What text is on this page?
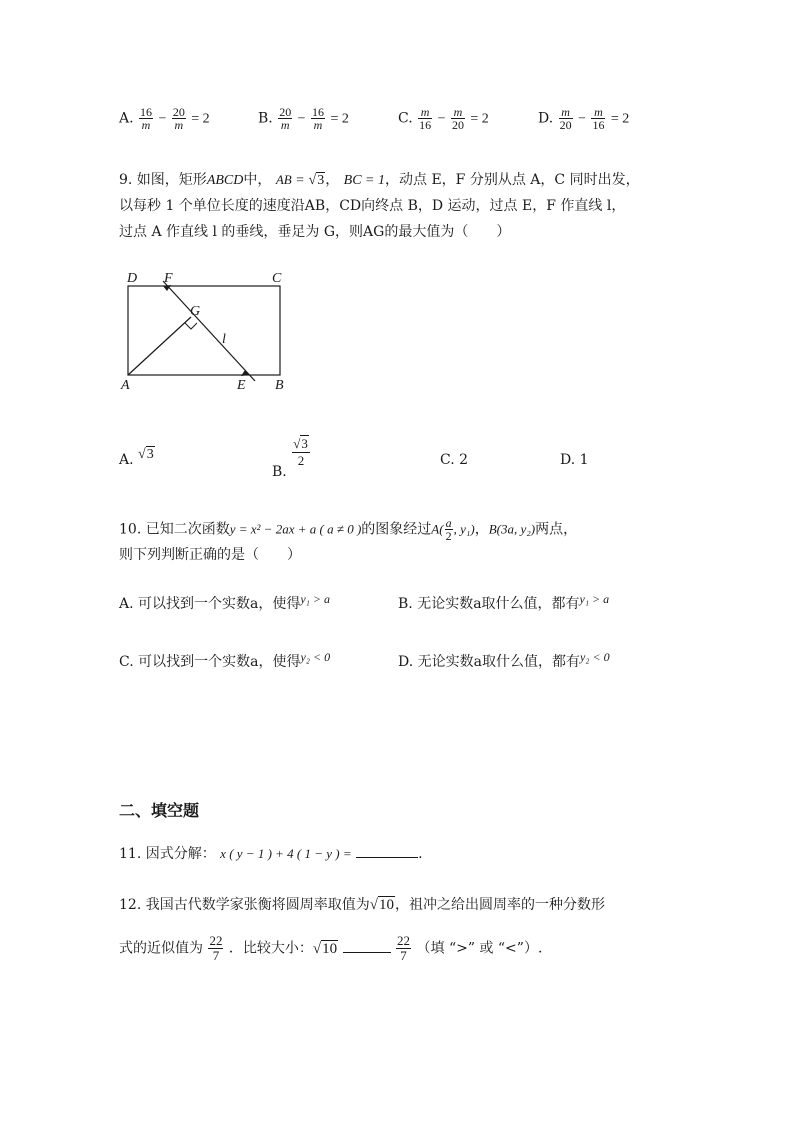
A. $\frac{16}{m} - \frac{20}{m} = 2$	B. $\frac{20}{m} - \frac{16}{m} = 2$	C. $\frac{m}{16} - \frac{m}{20} = 2$	D. $\frac{m}{20} - \frac{m}{16} = 2$
9. 如图，矩形ABCD中， AB = √3， BC = 1，动点 E，F 分别从点 A，C 同时出发，
以每秒 1 个单位长度的速度沿AB，CD向终点 B，D 运动，过点 E，F 作直线 l，
过点 A 作直线 l 的垂线，垂足为 G，则AG的最大值为（　　）
D F	C
G
l
A	E B
A. √3
B.
$\frac{√3}{2}$	C. 2	D. 1
10. 已知二次函数y = x² − 2ax + a ( a ≠ 0 )的图象经过$A( \frac{a}{2}$ , y₁)，B(3a, y₂)两点，
则下列判断正确的是（　　）
A. 可以找到一个实数a，使得y₁ > a	B. 无论实数a取什么值，都有y₁ > a
C. 可以找到一个实数a，使得y₂ < 0	D. 无论实数a取什么值，都有y₂ < 0
二、填空题
11. 因式分解： x ( y − 1 ) + 4 ( 1 − y ) =	.
12. 我国古代数学家张衡将圆周率取值为√10，祖冲之给出圆周率的一种分数形
式的近似值为 $\frac{22}{7}$ ．比较大小：√10	$\frac{22}{7}$ （填 “>” 或 “<”）.
